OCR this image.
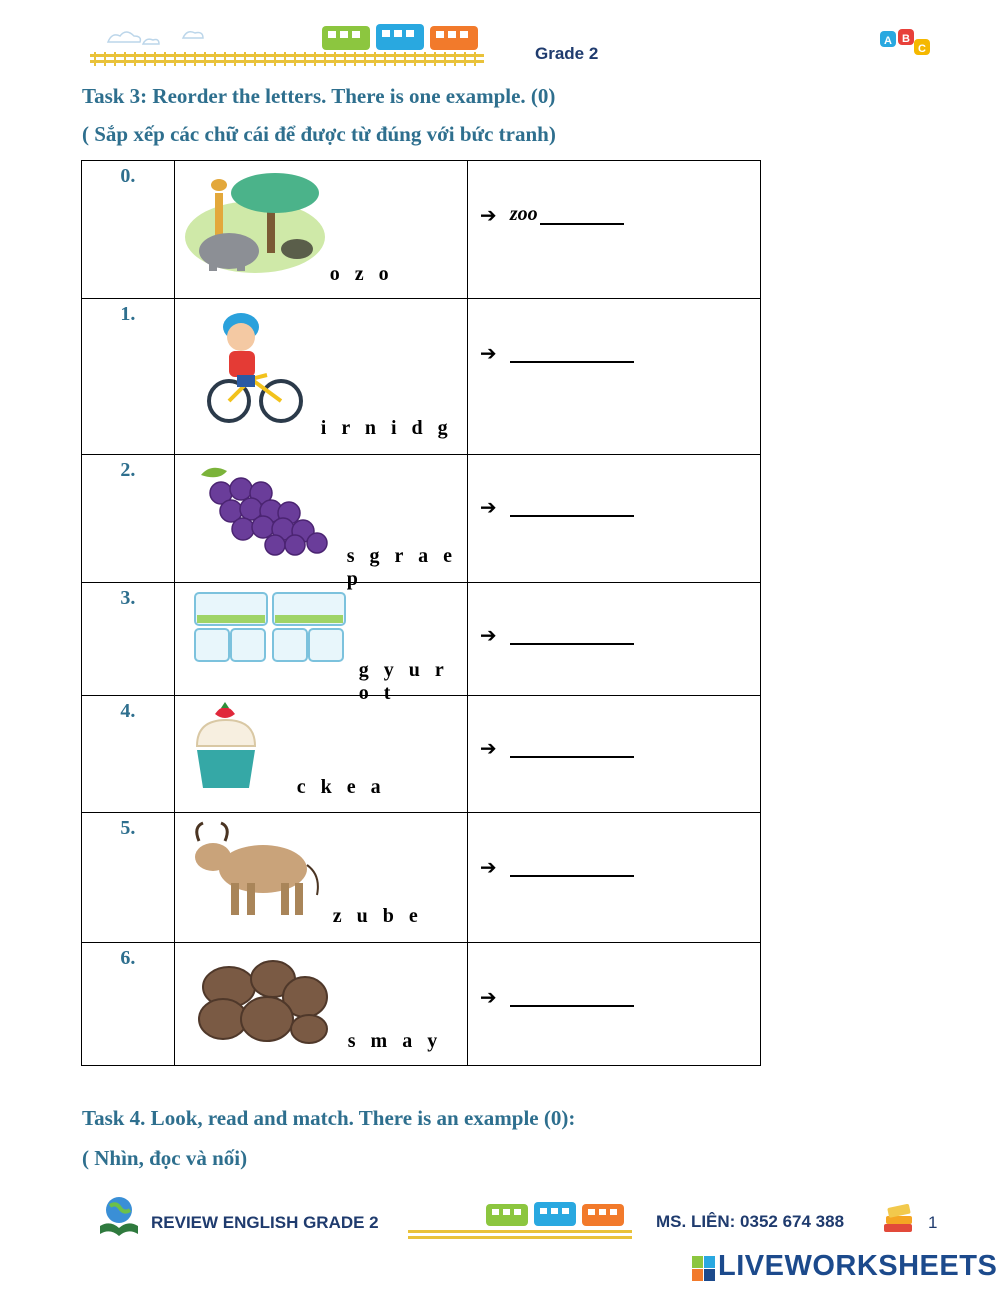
Grade 2
A B
C
Task 3: Reorder the letters. There is one example. (0)
( Sắp xếp các chữ cái để được từ đúng với bức tranh)
0.	o z o	➔ zoo

1.	i r n i d g	➔

2.	s g r a e p	➔

3.	g y u r o t	➔

4.	c k e a	➔

5.	z u b e	➔

6.	s m a y	➔
Task 4. Look, read and match. There is an example (0):
( Nhìn, đọc và nối)
REVIEW ENGLISH GRADE 2	MS. LIÊN: 0352 674 388	1
LIVEWORKSHEETS
